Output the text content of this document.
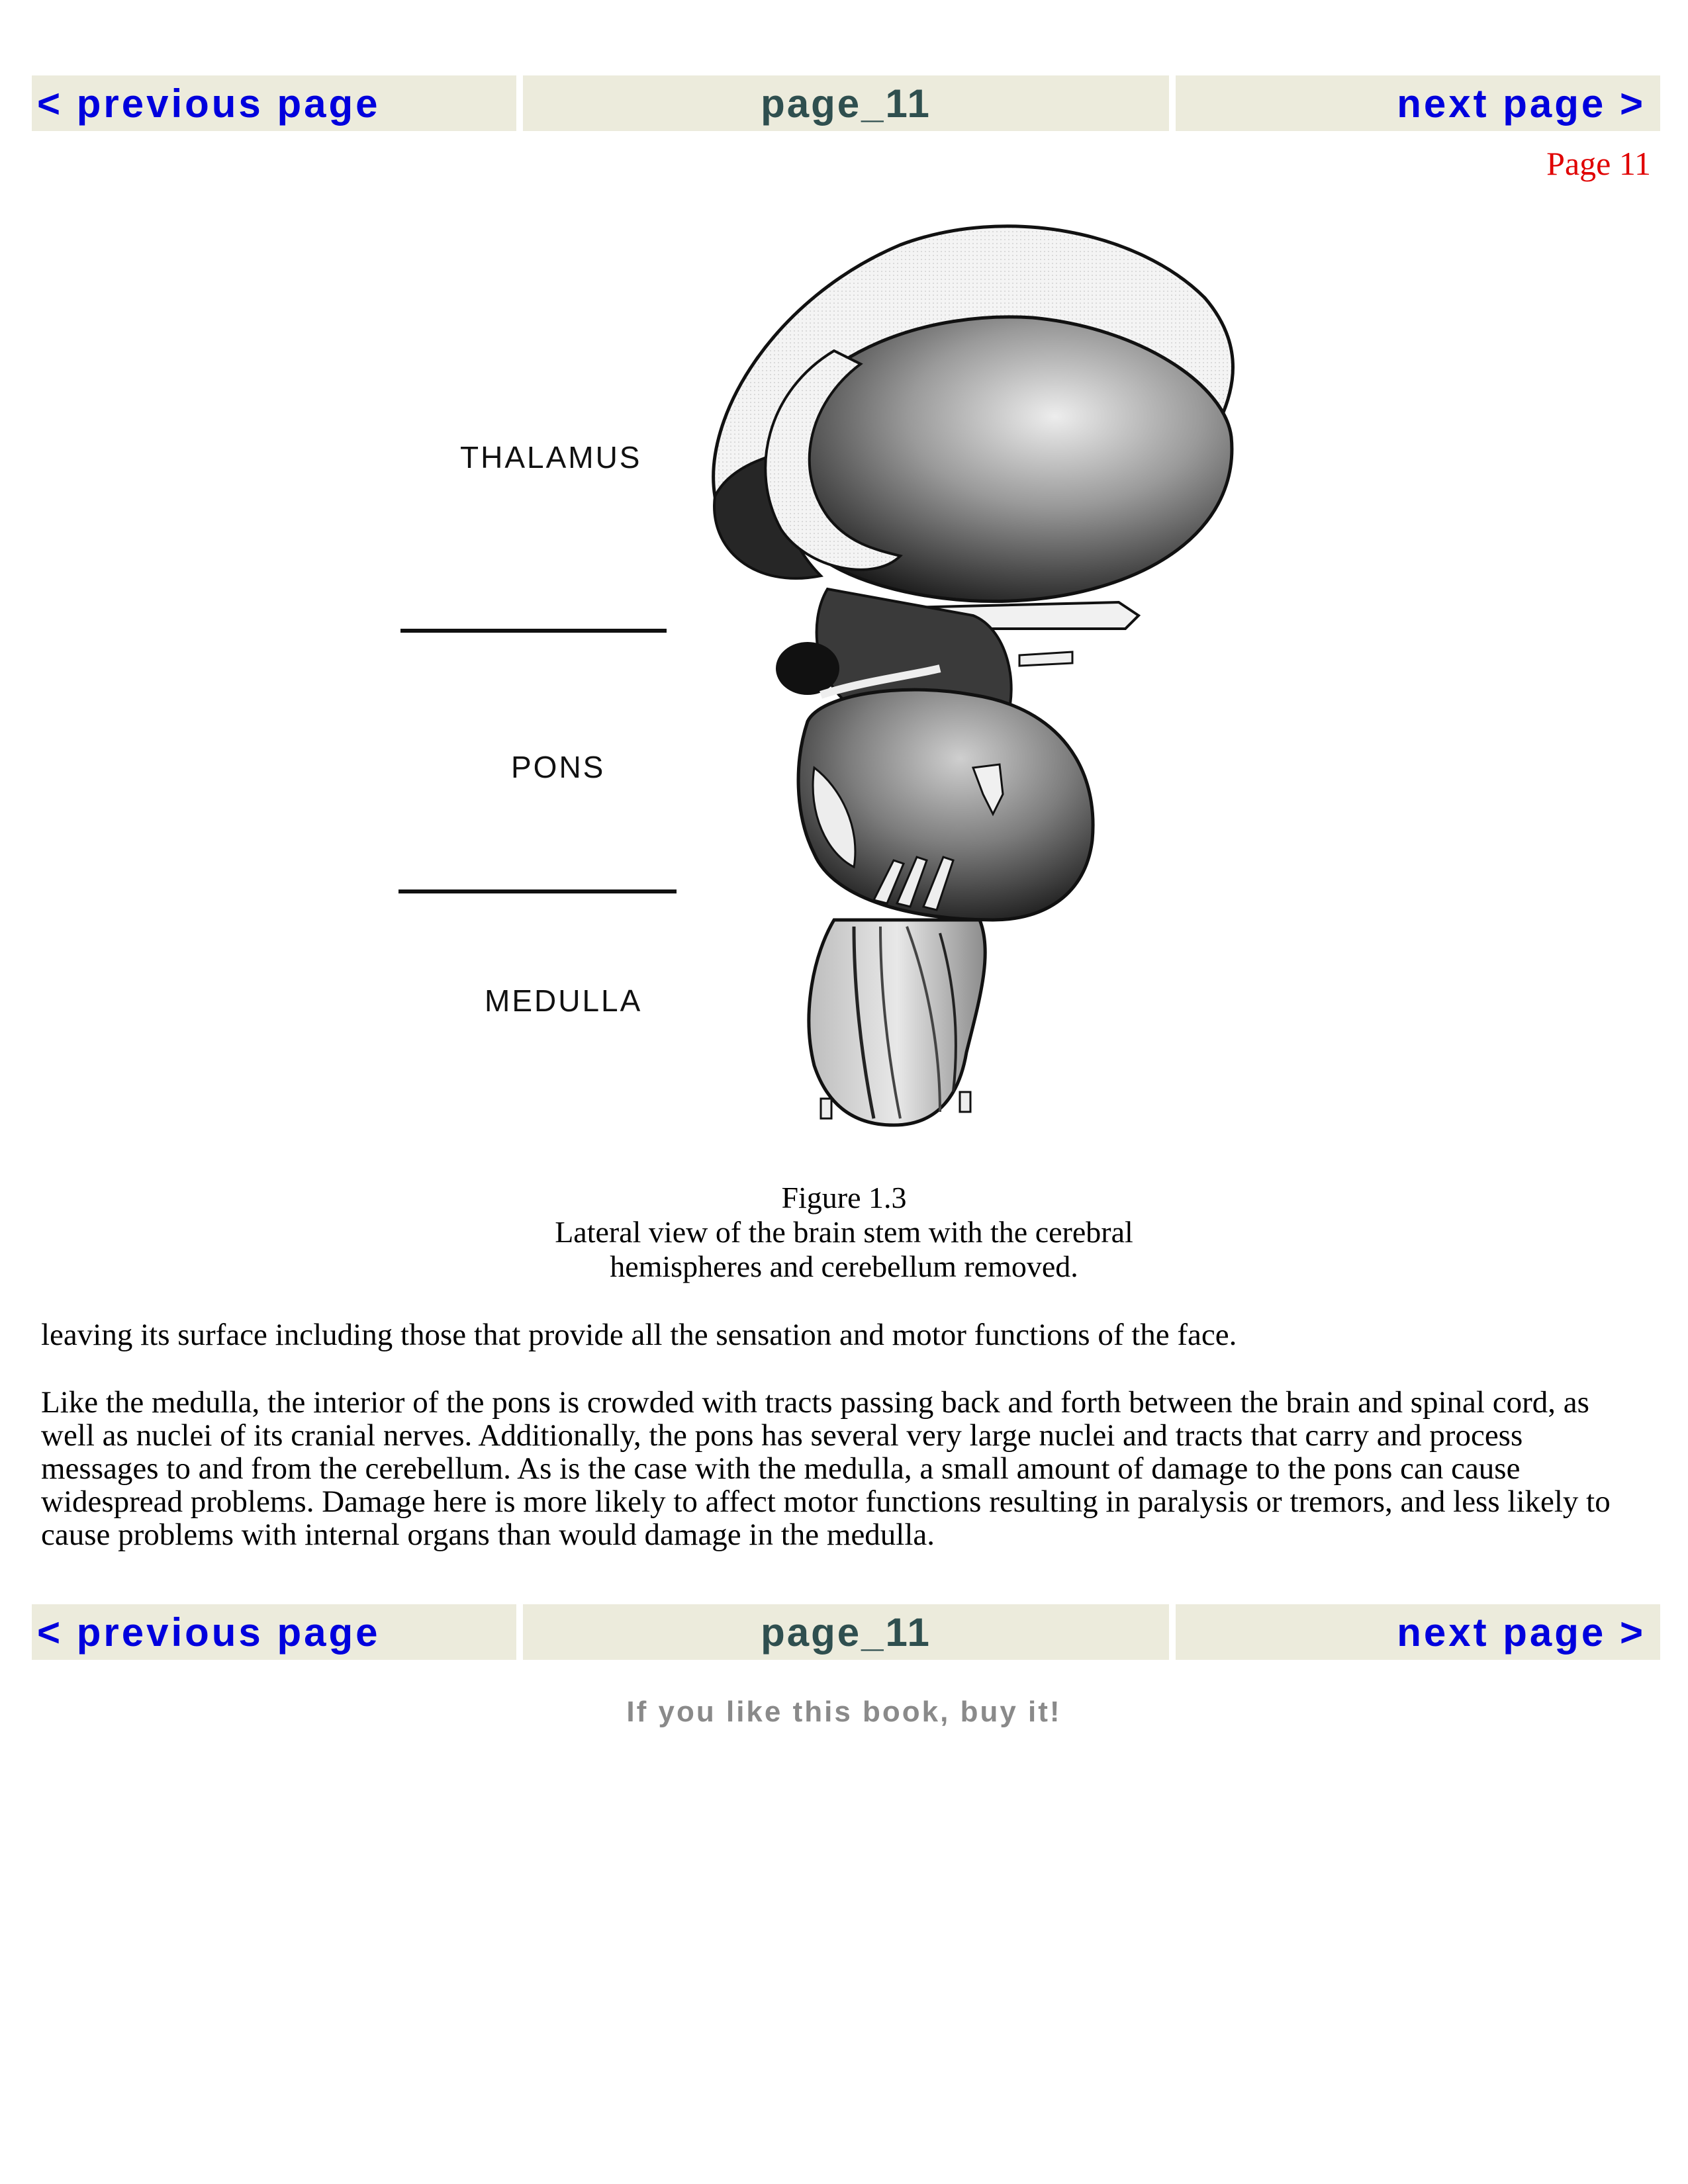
< previous page	page_11	next page >
Page 11
THALAMUS
PONS
MEDULLA
Figure 1.3
Lateral view of the brain stem with the cerebral
hemispheres and cerebellum removed.
leaving its surface including those that provide all the sensation and motor functions of the face.
Like the medulla, the interior of the pons is crowded with tracts passing back and forth between the brain and spinal cord, as well as nuclei of its cranial nerves. Additionally, the pons has several very large nuclei and tracts that carry and process messages to and from the cerebellum. As is the case with the medulla, a small amount of damage to the pons can cause widespread problems. Damage here is more likely to affect motor functions resulting in paralysis or tremors, and less likely to cause problems with internal organs than would damage in the medulla.
< previous page	page_11	next page >
If you like this book, buy it!
